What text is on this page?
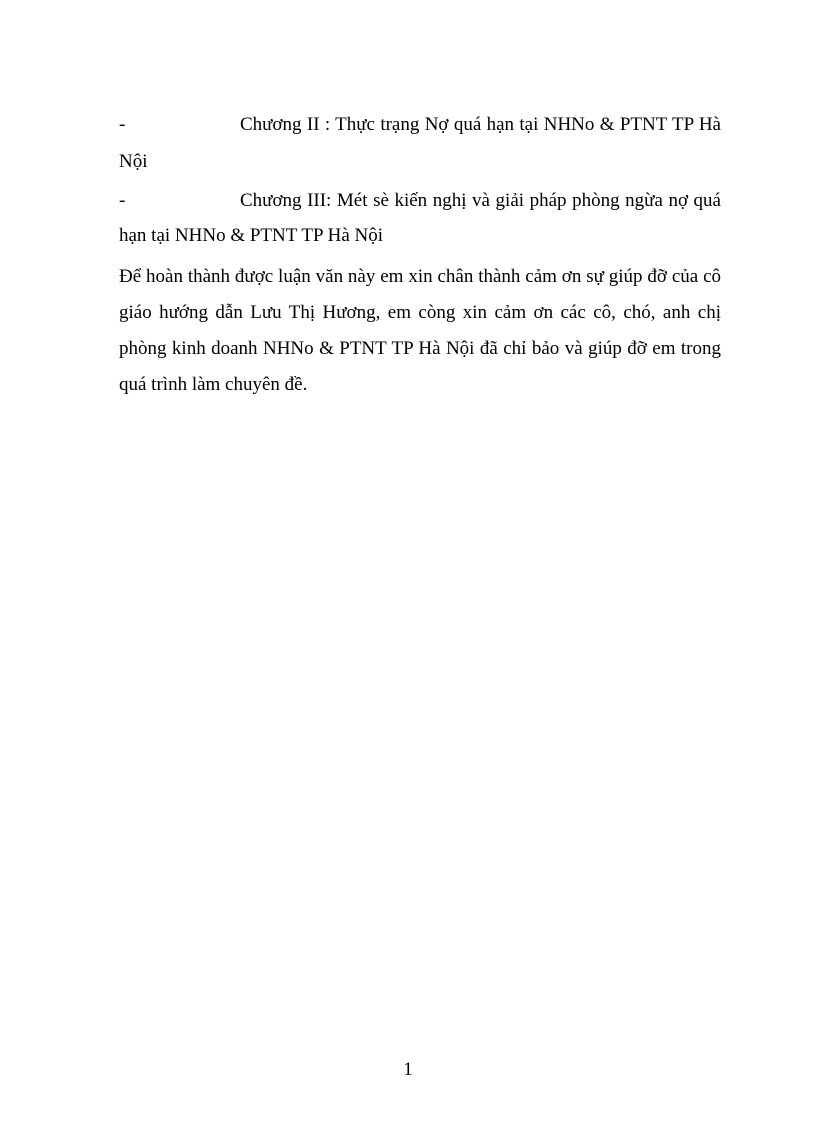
-	Chương II : Thực trạng Nợ quá hạn tại NHNo & PTNT TP Hà
Nội
-	Chương III: Mét sè kiến nghị và giải pháp phòng ngừa nợ quá
hạn tại NHNo & PTNT TP Hà Nội
Để hoàn thành được luận văn này em xin chân thành cảm ơn sự giúp đỡ của cô
giáo hướng dẫn Lưu Thị Hương, em còng xin cảm ơn các cô, chó, anh chị
phòng kinh doanh NHNo & PTNT TP Hà Nội đã chỉ bảo và giúp đỡ em trong
quá trình làm chuyên đề.
1
